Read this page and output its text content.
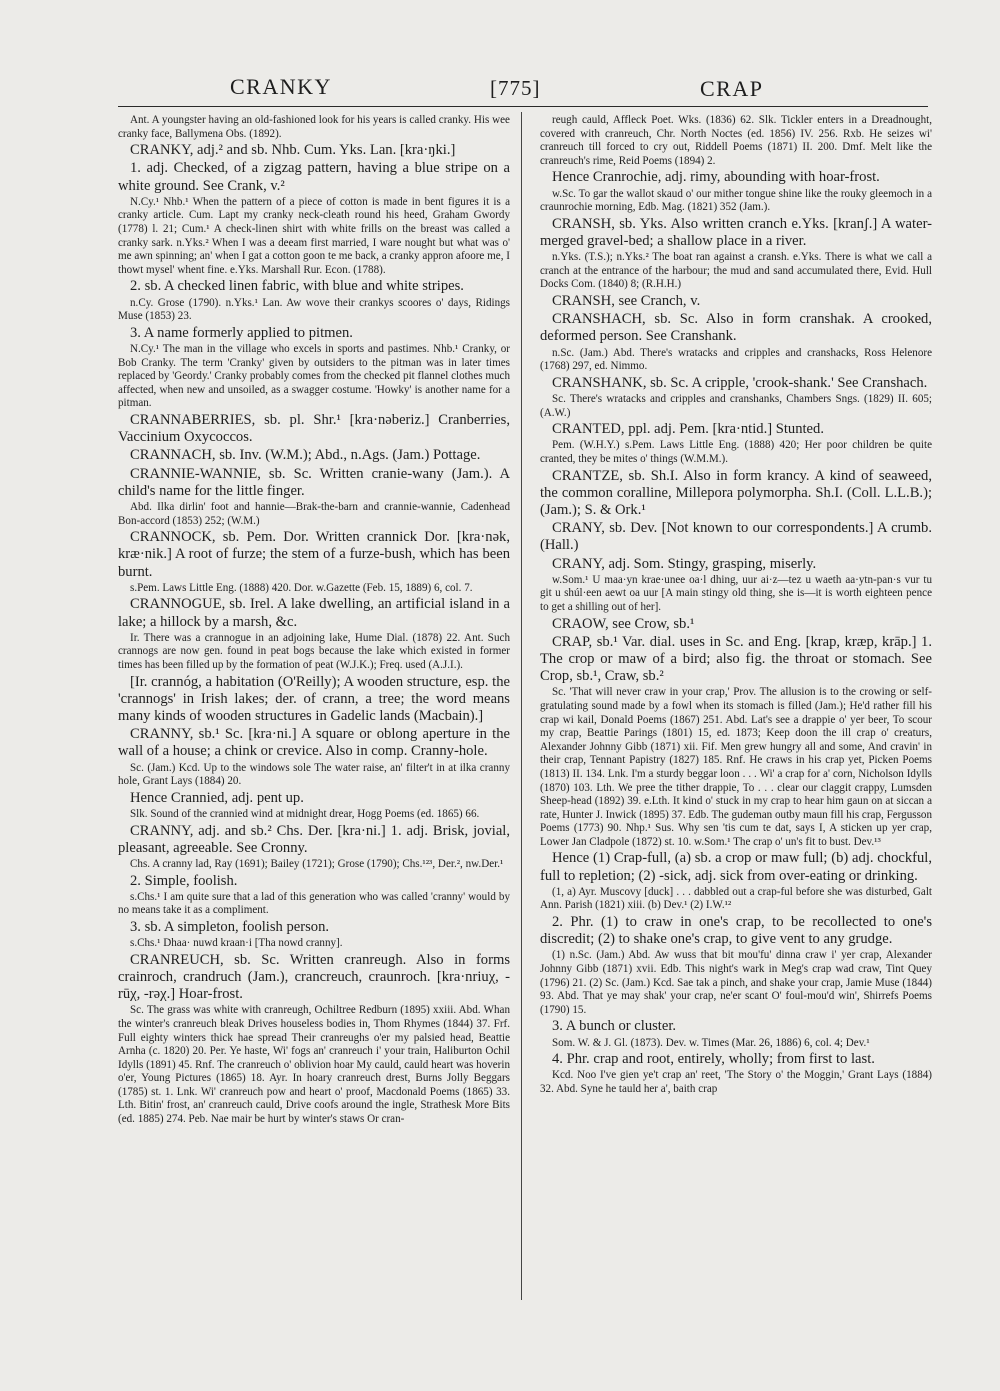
CRANKY	[775]	CRAP

Ant. A youngster having an old-fashioned look for his years is called cranky. His wee cranky face, Ballymena Obs. (1892).

CRANKY, adj.² and sb. Nhb. Cum. Yks. Lan. [kra·ŋki.]

1. adj. Checked, of a zigzag pattern, having a blue stripe on a white ground. See Crank, v.²

N.Cy.¹ Nhb.¹ When the pattern of a piece of cotton is made in bent figures it is a cranky article. Cum. Lapt my cranky neck-cleath round his heed, Graham Gwordy (1778) l. 21; Cum.¹ A check-linen shirt with white frills on the breast was called a cranky sark. n.Yks.² When I was a deeam first married, I ware nought but what was o' me awn spinning; an' when I gat a cotton goon te me back, a cranky appron afoore me, I thowt mysel' whent fine. e.Yks. Marshall Rur. Econ. (1788).

2. sb. A checked linen fabric, with blue and white stripes.

n.Cy. Grose (1790). n.Yks.¹ Lan. Aw wove their crankys scoores o' days, Ridings Muse (1853) 23.

3. A name formerly applied to pitmen.

N.Cy.¹ The man in the village who excels in sports and pastimes. Nhb.¹ Cranky, or Bob Cranky. The term 'Cranky' given by outsiders to the pitman was in later times replaced by 'Geordy.' Cranky probably comes from the checked pit flannel clothes much affected, when new and unsoiled, as a swagger costume. 'Howky' is another name for a pitman.

CRANNABERRIES, sb. pl. Shr.¹ [kra·nəberiz.] Cranberries, Vaccinium Oxycoccos.

CRANNACH, sb. Inv. (W.M.); Abd., n.Ags. (Jam.) Pottage.

CRANNIE-WANNIE, sb. Sc. Written cranie-wany (Jam.). A child's name for the little finger.

Abd. Ilka dirlin' foot and hannie—Brak-the-barn and crannie-wannie, Cadenhead Bon-accord (1853) 252; (W.M.)

CRANNOCK, sb. Pem. Dor. Written crannick Dor. [kra·nək, kræ·nik.] A root of furze; the stem of a furze-bush, which has been burnt.

s.Pem. Laws Little Eng. (1888) 420. Dor. w.Gazette (Feb. 15, 1889) 6, col. 7.

CRANNOGUE, sb. Irel. A lake dwelling, an artificial island in a lake; a hillock by a marsh, &c.

Ir. There was a crannogue in an adjoining lake, Hume Dial. (1878) 22. Ant. Such crannogs are now gen. found in peat bogs because the lake which existed in former times has been filled up by the formation of peat (W.J.K.); Freq. used (A.J.I.).

[Ir. crannóg, a habitation (O'Reilly); A wooden structure, esp. the 'crannogs' in Irish lakes; der. of crann, a tree; the word means many kinds of wooden structures in Gadelic lands (Macbain).]

CRANNY, sb.¹ Sc. [kra·ni.] A square or oblong aperture in the wall of a house; a chink or crevice. Also in comp. Cranny-hole.

Sc. (Jam.) Kcd. Up to the windows sole The water raise, an' filter't in at ilka cranny hole, Grant Lays (1884) 20.

Hence Crannied, adj. pent up.

Slk. Sound of the crannied wind at midnight drear, Hogg Poems (ed. 1865) 66.

CRANNY, adj. and sb.² Chs. Der. [kra·ni.] 1. adj. Brisk, jovial, pleasant, agreeable. See Cronny.

Chs. A cranny lad, Ray (1691); Bailey (1721); Grose (1790); Chs.¹²³, Der.², nw.Der.¹

2. Simple, foolish.

s.Chs.¹ I am quite sure that a lad of this generation who was called 'cranny' would by no means take it as a compliment.

3. sb. A simpleton, foolish person.

s.Chs.¹ Dhaa· nuwd kraan·i [Tha nowd cranny].

CRANREUCH, sb. Sc. Written cranreugh. Also in forms crainroch, crandruch (Jam.), crancreuch, craunroch. [kra·nriuχ, -rūχ, -rəχ.] Hoar-frost.

Sc. The grass was white with cranreugh, Ochiltree Redburn (1895) xxiii. Abd. Whan the winter's cranreuch bleak Drives houseless bodies in, Thom Rhymes (1844) 37. Frf. Full eighty winters thick hae spread Their cranreughs o'er my palsied head, Beattie Arnha (c. 1820) 20. Per. Ye haste, Wi' fogs an' cranreuch i' your train, Haliburton Ochil Idylls (1891) 45. Rnf. The cranreuch o' oblivion hoar My cauld, cauld heart was hoverin o'er, Young Pictures (1865) 18. Ayr. In hoary cranreuch drest, Burns Jolly Beggars (1785) st. 1. Lnk. Wi' cranreuch pow and heart o' proof, Macdonald Poems (1865) 33. Lth. Bitin' frost, an' cranreuch cauld, Drive coofs around the ingle, Strathesk More Bits (ed. 1885) 274. Peb. Nae mair be hurt by winter's staws Or cran-

reugh cauld, Affleck Poet. Wks. (1836) 62. Slk. Tickler enters in a Dreadnought, covered with cranreuch, Chr. North Noctes (ed. 1856) IV. 256. Rxb. He seizes wi' cranreuch till forced to cry out, Riddell Poems (1871) II. 200. Dmf. Melt like the cranreuch's rime, Reid Poems (1894) 2.

Hence Cranrochie, adj. rimy, abounding with hoar-frost.

w.Sc. To gar the wallot skaud o' our mither tongue shine like the rouky gleemoch in a craunrochie morning, Edb. Mag. (1821) 352 (Jam.).

CRANSH, sb. Yks. Also written cranch e.Yks. [kranʃ.] A water-merged gravel-bed; a shallow place in a river.

n.Yks. (T.S.); n.Yks.² The boat ran against a cransh. e.Yks. There is what we call a cranch at the entrance of the harbour; the mud and sand accumulated there, Evid. Hull Docks Com. (1840) 8; (R.H.H.)

CRANSH, see Cranch, v.

CRANSHACH, sb. Sc. Also in form cranshak. A crooked, deformed person. See Cranshank.

n.Sc. (Jam.) Abd. There's wratacks and cripples and cranshacks, Ross Helenore (1768) 297, ed. Nimmo.

CRANSHANK, sb. Sc. A cripple, 'crook-shank.' See Cranshach.

Sc. There's wratacks and cripples and cranshanks, Chambers Sngs. (1829) II. 605; (A.W.)

CRANTED, ppl. adj. Pem. [kra·ntid.] Stunted.

Pem. (W.H.Y.) s.Pem. Laws Little Eng. (1888) 420; Her poor children be quite cranted, they be mites o' things (W.M.M.).

CRANTZE, sb. Sh.I. Also in form krancy. A kind of seaweed, the common coralline, Millepora polymorpha. Sh.I. (Coll. L.L.B.); (Jam.); S. & Ork.¹

CRANY, sb. Dev. [Not known to our correspondents.] A crumb. (Hall.)

CRANY, adj. Som. Stingy, grasping, miserly.

w.Som.¹ U maa·yn krae·unee oa·l dhing, uur ai·z—tez u waeth aa·ytn-pan·s vur tu git u shúl·een aewt oa uur [A main stingy old thing, she is—it is worth eighteen pence to get a shilling out of her].

CRAOW, see Crow, sb.¹

CRAP, sb.¹ Var. dial. uses in Sc. and Eng. [krap, kræp, krāp.] 1. The crop or maw of a bird; also fig. the throat or stomach. See Crop, sb.¹, Craw, sb.²

Sc. 'That will never craw in your crap,' Prov. The allusion is to the crowing or self-gratulating sound made by a fowl when its stomach is filled (Jam.); He'd rather fill his crap wi kail, Donald Poems (1867) 251. Abd. Lat's see a drappie o' yer beer, To scour my crap, Beattie Parings (1801) 15, ed. 1873; Keep doon the ill crap o' creaturs, Alexander Johnny Gibb (1871) xii. Fif. Men grew hungry all and some, And cravin' in their crap, Tennant Papistry (1827) 185. Rnf. He craws in his crap yet, Picken Poems (1813) II. 134. Lnk. I'm a sturdy beggar loon . . . Wi' a crap for a' corn, Nicholson Idylls (1870) 103. Lth. We pree the tither drappie, To . . . clear our claggit crappy, Lumsden Sheep-head (1892) 39. e.Lth. It kind o' stuck in my crap to hear him gaun on at siccan a rate, Hunter J. Inwick (1895) 37. Edb. The gudeman outby maun fill his crap, Fergusson Poems (1773) 90. Nhp.¹ Sus. Why sen 'tis cum te dat, says I, A sticken up yer crap, Lower Jan Cladpole (1872) st. 10. w.Som.¹ The crap o' un's fit to bust. Dev.¹³

Hence (1) Crap-full, (a) sb. a crop or maw full; (b) adj. chockful, full to repletion; (2) -sick, adj. sick from over-eating or drinking.

(1, a) Ayr. Muscovy [duck] . . . dabbled out a crap-ful before she was disturbed, Galt Ann. Parish (1821) xiii. (b) Dev.¹ (2) I.W.¹²

2. Phr. (1) to craw in one's crap, to be recollected to one's discredit; (2) to shake one's crap, to give vent to any grudge.

(1) n.Sc. (Jam.) Abd. Aw wuss that bit mou'fu' dinna craw i' yer crap, Alexander Johnny Gibb (1871) xvii. Edb. This night's wark in Meg's crap wad craw, Tint Quey (1796) 21. (2) Sc. (Jam.) Kcd. Sae tak a pinch, and shake your crap, Jamie Muse (1844) 93. Abd. That ye may shak' your crap, ne'er scant O' foul-mou'd win', Shirrefs Poems (1790) 15.

3. A bunch or cluster.

Som. W. & J. Gl. (1873). Dev. w. Times (Mar. 26, 1886) 6, col. 4; Dev.¹

4. Phr. crap and root, entirely, wholly; from first to last.

Kcd. Noo I've gien ye't crap an' reet, 'The Story o' the Moggin,' Grant Lays (1884) 32. Abd. Syne he tauld her a', baith crap
